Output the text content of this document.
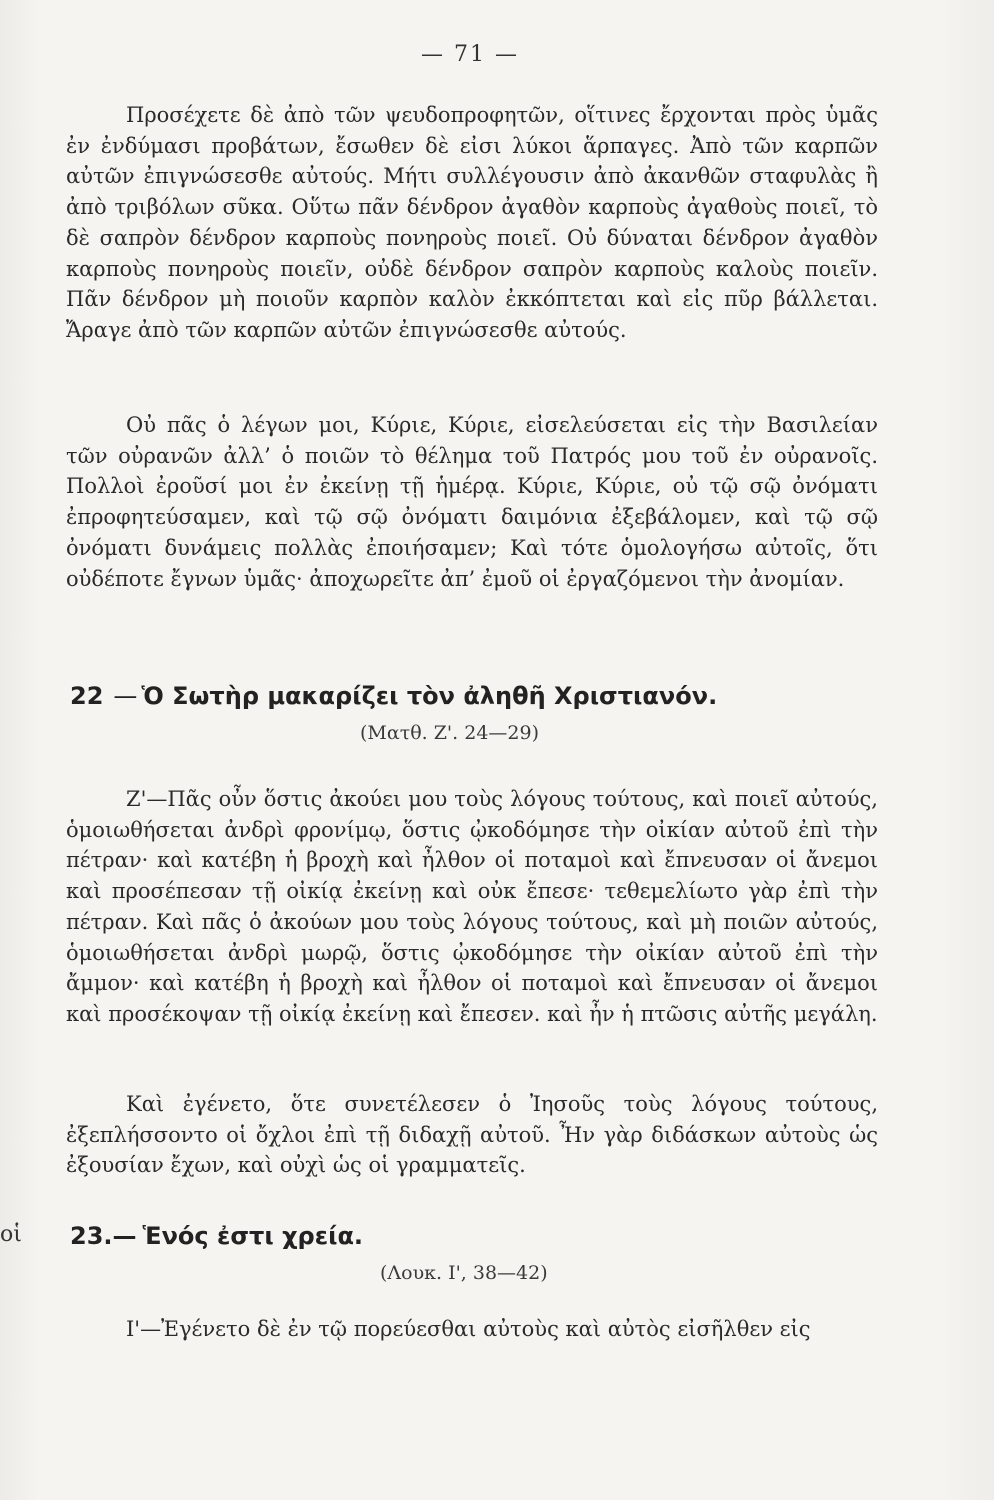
— 71 —

Προσέχετε δὲ ἀπὸ τῶν ψευδοπροφητῶν, οἵτινες ἔρχονται πρὸς ὑμᾶς ἐν ἐνδύμασι προβάτων, ἔσωθεν δὲ εἰσι λύκοι ἅρπαγες. Ἀπὸ τῶν καρπῶν αὐτῶν ἐπιγνώσεσθε αὐτούς. Μήτι συλλέγουσιν ἀπὸ ἀκανθῶν σταφυλὰς ἢ ἀπὸ τριβόλων σῦκα. Οὕτω πᾶν δένδρον ἀγαθὸν καρποὺς ἀγαθοὺς ποιεῖ, τὸ δὲ σαπρὸν δένδρον καρποὺς πονηροὺς ποιεῖ. Οὐ δύναται δένδρον ἀγαθὸν καρποὺς πονηροὺς ποιεῖν, οὐδὲ δένδρον σαπρὸν καρποὺς καλοὺς ποιεῖν. Πᾶν δένδρον μὴ ποιοῦν καρπὸν καλὸν ἐκκόπτεται καὶ εἰς πῦρ βάλλεται. Ἄραγε ἀπὸ τῶν καρπῶν αὐτῶν ἐπιγνώσεσθε αὐτούς.

Οὐ πᾶς ὁ λέγων μοι, Κύριε, Κύριε, εἰσελεύσεται εἰς τὴν Βασιλείαν τῶν οὐρανῶν ἀλλ’ ὁ ποιῶν τὸ θέλημα τοῦ Πατρός μου τοῦ ἐν οὐρανοῖς. Πολλοὶ ἐροῦσί μοι ἐν ἐκείνῃ τῇ ἡμέρᾳ. Κύριε, Κύριε, οὐ τῷ σῷ ὀνόματι ἐπροφητεύσαμεν, καὶ τῷ σῷ ὀνόματι δαιμόνια ἐξεβάλομεν, καὶ τῷ σῷ ὀνόματι δυνάμεις πολλὰς ἐποιήσαμεν; Καὶ τότε ὁμολογήσω αὐτοῖς, ὅτι οὐδέποτε ἔγνων ὑμᾶς· ἀποχωρεῖτε ἀπ’ ἐμοῦ οἱ ἐργαζόμενοι τὴν ἀνομίαν.

22 — Ὁ Σωτὴρ μακαρίζει τὸν ἀληθῆ Χριστιανόν.
(Ματθ. Ζ'. 24—29)

Ζ'—Πᾶς οὖν ὅστις ἀκούει μου τοὺς λόγους τούτους, καὶ ποιεῖ αὐτούς, ὁμοιωθήσεται ἀνδρὶ φρονίμῳ, ὅστις ᾠκοδόμησε τὴν οἰκίαν αὐτοῦ ἐπὶ τὴν πέτραν· καὶ κατέβη ἡ βροχὴ καὶ ἦλθον οἱ ποταμοὶ καὶ ἔπνευσαν οἱ ἄνεμοι καὶ προσέπεσαν τῇ οἰκίᾳ ἐκείνῃ καὶ οὐκ ἔπεσε· τεθεμελίωτο γὰρ ἐπὶ τὴν πέτραν. Καὶ πᾶς ὁ ἀκούων μου τοὺς λόγους τούτους, καὶ μὴ ποιῶν αὐτούς, ὁμοιωθήσεται ἀνδρὶ μωρῷ, ὅστις ᾠκοδόμησε τὴν οἰκίαν αὐτοῦ ἐπὶ τὴν ἄμμον· καὶ κατέβη ἡ βροχὴ καὶ ἦλθον οἱ ποταμοὶ καὶ ἔπνευσαν οἱ ἄνεμοι καὶ προσέκοψαν τῇ οἰκίᾳ ἐκείνῃ καὶ ἔπεσεν. καὶ ἦν ἡ πτῶσις αὐτῆς μεγάλη.

Καὶ ἐγένετο, ὅτε συνετέλεσεν ὁ Ἰησοῦς τοὺς λόγους τούτους, ἐξεπλήσσοντο οἱ ὄχλοι ἐπὶ τῇ διδαχῇ αὐτοῦ. Ἦν γὰρ διδάσκων αὐτοὺς ὡς ἐξουσίαν ἔχων, καὶ οὐχὶ ὡς οἱ γραμματεῖς.

οἱ 23.— Ἑνός ἐστι χρεία.
(Λουκ. Ι', 38—42)

Ι'—Ἐγένετο δὲ ἐν τῷ πορεύεσθαι αὐτοὺς καὶ αὐτὸς εἰσῆλθεν εἰς
